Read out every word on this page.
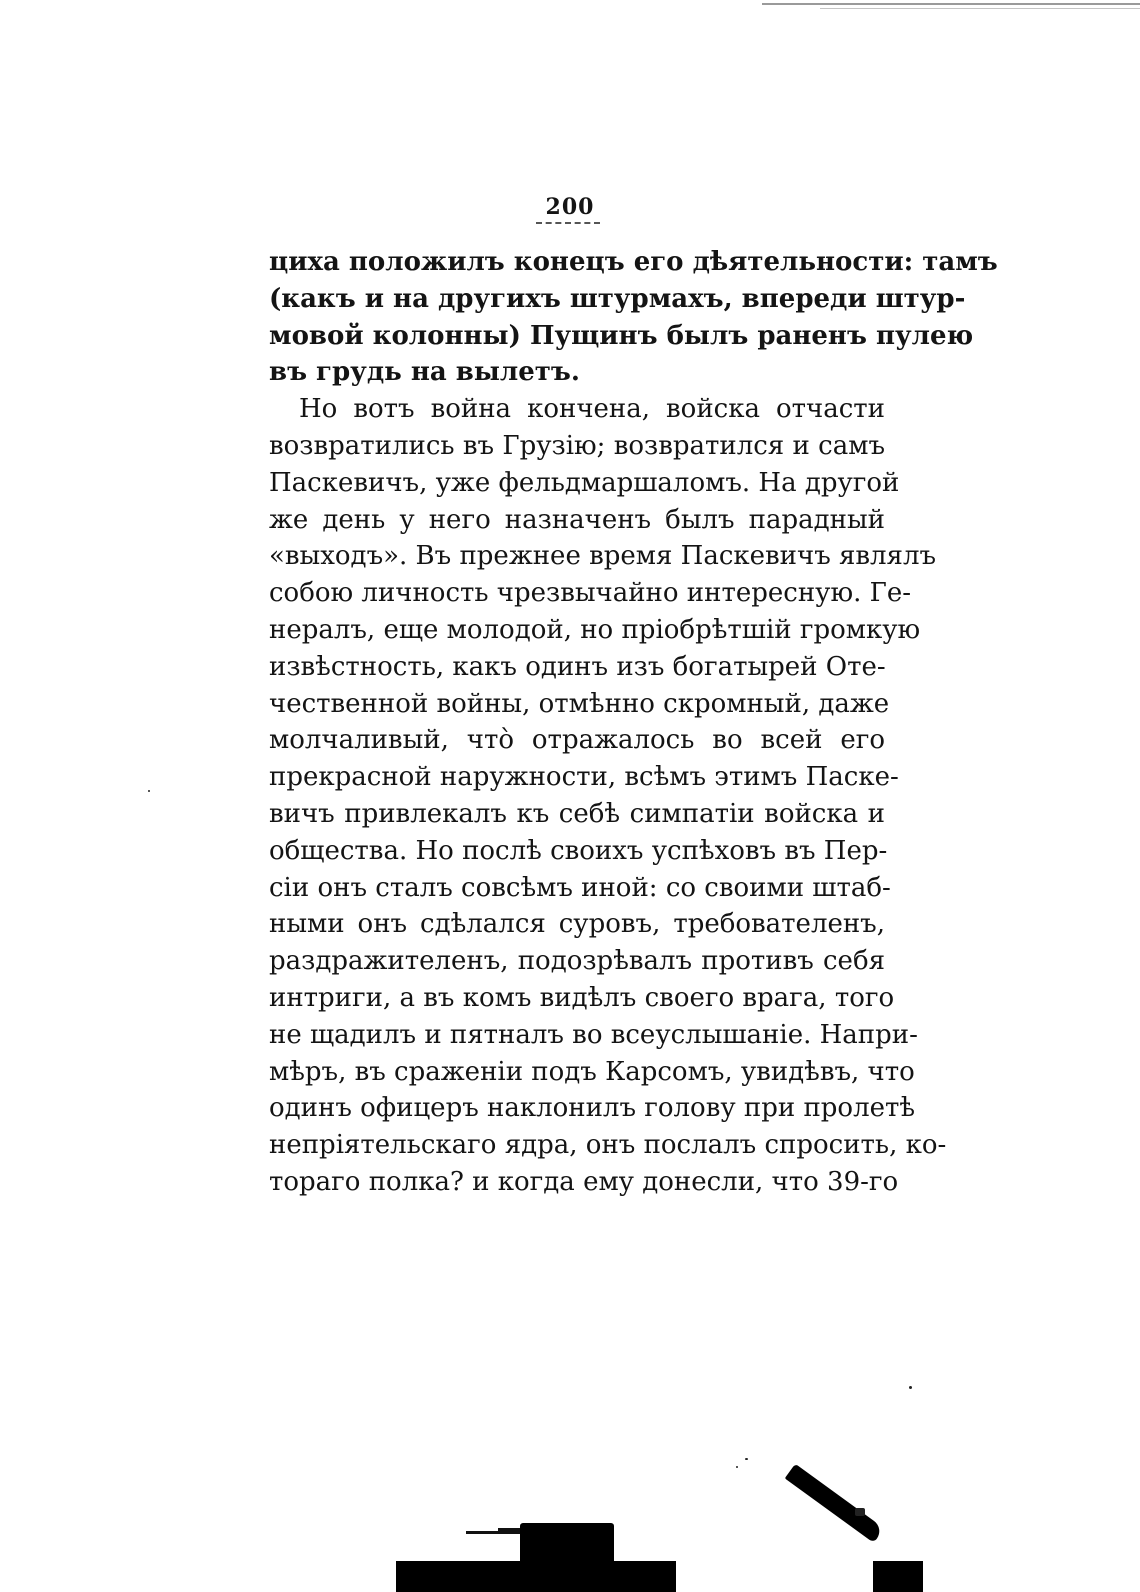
200
циха положилъ конецъ его дѣятельности: тамъ
(какъ и на другихъ штурмахъ, впереди штур-
мовой колонны) Пущинъ былъ раненъ пулею
въ грудь на вылетъ.
Но вотъ война кончена, войска отчасти
возвратились въ Грузію; возвратился и самъ
Паскевичъ, уже фельдмаршаломъ. На другой
же день у него назначенъ былъ парадный
«выходъ». Въ прежнее время Паскевичъ являлъ
собою личность чрезвычайно интересную. Ге-
нералъ, еще молодой, но пріобрѣтшій громкую
извѣстность, какъ одинъ изъ богатырей Оте-
чественной войны, отмѣнно скромный, даже
молчаливый, что̀ отражалось во всей его
прекрасной наружности, всѣмъ этимъ Паске-
вичъ привлекалъ къ себѣ симпатіи войска и
общества. Но послѣ своихъ успѣховъ въ Пер-
сіи онъ сталъ совсѣмъ иной: со своими штаб-
ными онъ сдѣлался суровъ, требователенъ,
раздражителенъ, подозрѣвалъ противъ себя
интриги, а въ комъ видѣлъ своего врага, того
не щадилъ и пятналъ во всеуслышаніе. Напри-
мѣръ, въ сраженіи подъ Карсомъ, увидѣвъ, что
одинъ офицеръ наклонилъ голову при пролетѣ
непріятельскаго ядра, онъ послалъ спросить, ко-
тораго полка? и когда ему донесли, что 39-го
